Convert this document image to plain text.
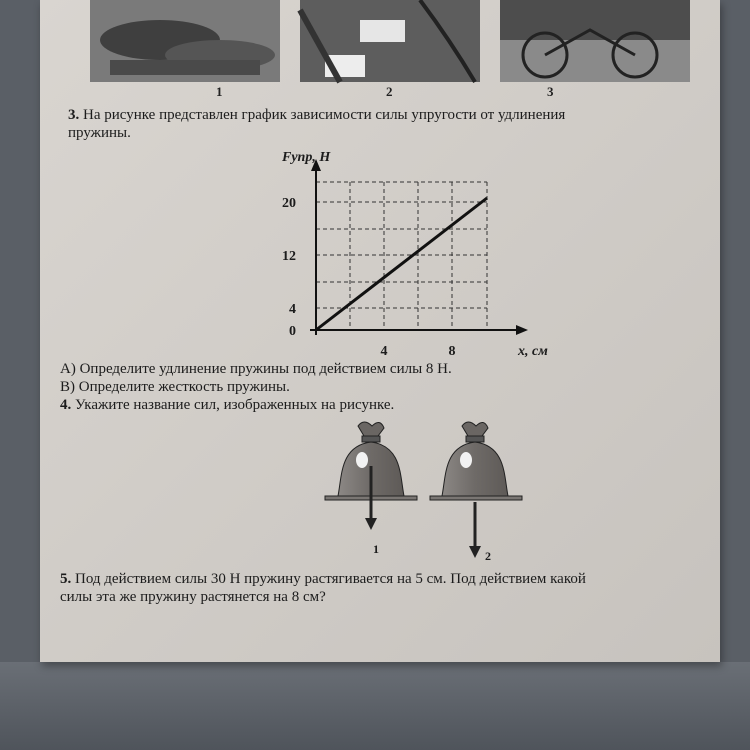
1	2	3
3. На рисунке представлен график зависимости силы упругости от удлинения
пружины.
Fупр, Н
x, см
20
12
4
0
4	8
А) Определите удлинение пружины под действием силы 8 Н.
В) Определите жесткость пружины.
4. Укажите название сил, изображенных на рисунке.
1	2
5. Под действием силы 30 Н пружину растягивается на 5 см. Под действием какой
силы эта же пружину растянется на 8 см?
